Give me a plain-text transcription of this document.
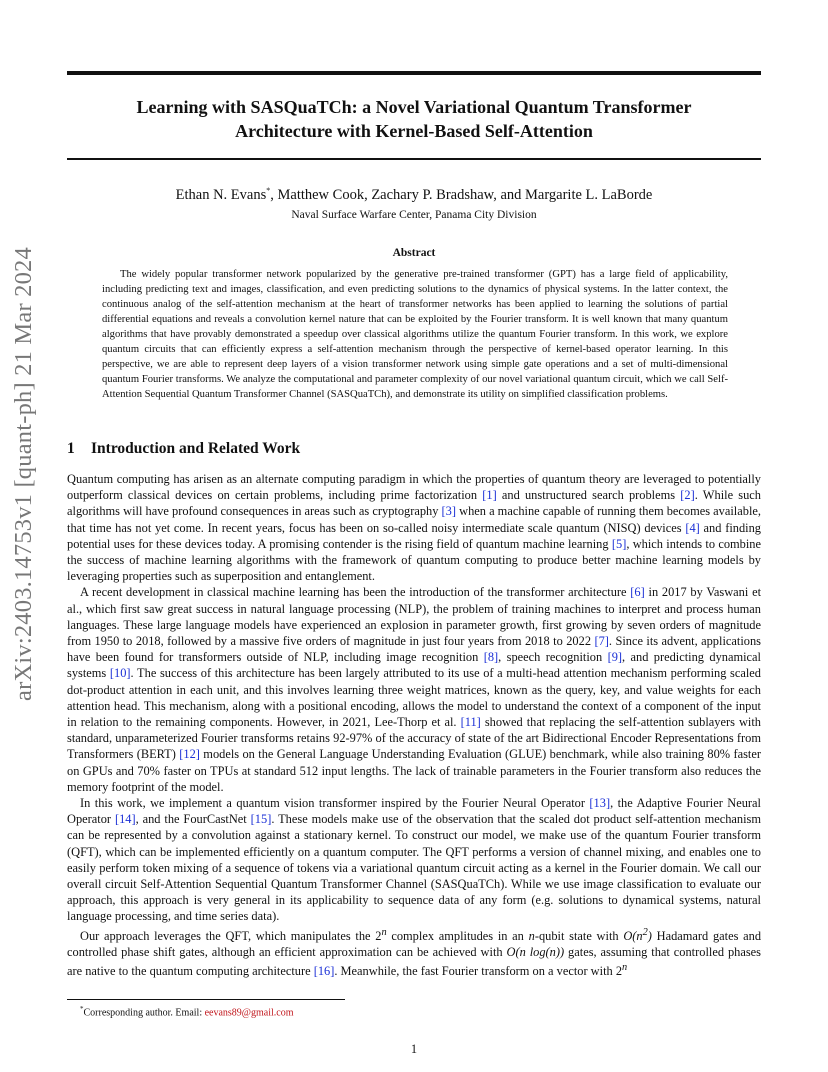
arXiv:2403.14753v1 [quant-ph] 21 Mar 2024
Learning with SASQuaTCh: a Novel Variational Quantum Transformer
Architecture with Kernel-Based Self-Attention
Ethan N. Evans*, Matthew Cook, Zachary P. Bradshaw, and Margarite L. LaBorde
Naval Surface Warfare Center, Panama City Division
Abstract

The widely popular transformer network popularized by the generative pre-trained transformer (GPT) has a large field of applicability, including predicting text and images, classification, and even predicting solutions to the dynamics of physical systems. In the latter context, the continuous analog of the self-attention mechanism at the heart of transformer networks has been applied to learning the solutions of partial differential equations and reveals a convolution kernel nature that can be exploited by the Fourier transform. It is well known that many quantum algorithms that have provably demonstrated a speedup over classical algorithms utilize the quantum Fourier transform. In this work, we explore quantum circuits that can efficiently express a self-attention mechanism through the perspective of kernel-based operator learning. In this perspective, we are able to represent deep layers of a vision transformer network using simple gate operations and a set of multi-dimensional quantum Fourier transforms. We analyze the computational and parameter complexity of our novel variational quantum circuit, which we call Self-Attention Sequential Quantum Transformer Channel (SASQuaTCh), and demonstrate its utility on simplified classification problems.

1 Introduction and Related Work

Quantum computing has arisen as an alternate computing paradigm in which the properties of quantum theory are leveraged to potentially outperform classical devices on certain problems, including prime factorization [1] and unstructured search problems [2]. While such algorithms will have profound consequences in areas such as cryptography [3] when a machine capable of running them becomes available, that time has not yet come. In recent years, focus has been on so-called noisy intermediate scale quantum (NISQ) devices [4] and finding potential uses for these devices today. A promising contender is the rising field of quantum machine learning [5], which intends to combine the success of machine learning algorithms with the framework of quantum computing to produce better machine learning models by leveraging properties such as superposition and entanglement.

A recent development in classical machine learning has been the introduction of the transformer architecture [6] in 2017 by Vaswani et al., which first saw great success in natural language processing (NLP), the problem of training machines to interpret and process human languages. These large language models have experienced an explosion in parameter growth, first growing by seven orders of magnitude from 1950 to 2018, followed by a massive five orders of magnitude in just four years from 2018 to 2022 [7]. Since its advent, applications have been found for transformers outside of NLP, including image recognition [8], speech recognition [9], and predicting dynamical systems [10]. The success of this architecture has been largely attributed to its use of a multi-head attention mechanism performing scaled dot-product attention in each unit, and this involves learning three weight matrices, known as the query, key, and value weights for each attention head. This mechanism, along with a positional encoding, allows the model to understand the context of a component of the input in relation to the remaining components. However, in 2021, Lee-Thorp et al. [11] showed that replacing the self-attention sublayers with standard, unparameterized Fourier transforms retains 92-97% of the accuracy of state of the art Bidirectional Encoder Representations from Transformers (BERT) [12] models on the General Language Understanding Evaluation (GLUE) benchmark, while also training 80% faster on GPUs and 70% faster on TPUs at standard 512 input lengths. The lack of trainable parameters in the Fourier transform also reduces the memory footprint of the model.

In this work, we implement a quantum vision transformer inspired by the Fourier Neural Operator [13], the Adaptive Fourier Neural Operator [14], and the FourCastNet [15]. These models make use of the observation that the scaled dot product self-attention mechanism can be represented by a convolution against a stationary kernel. To construct our model, we make use of the quantum Fourier transform (QFT), which can be implemented efficiently on a quantum computer. The QFT performs a version of channel mixing, and enables one to easily perform token mixing of a sequence of tokens via a variational quantum circuit acting as a kernel in the Fourier domain. We call our overall circuit Self-Attention Sequential Quantum Transformer Channel (SASQuaTCh). While we use image classification to evaluate our approach, this approach is very general in its applicability to sequence data of any form (e.g. solutions to dynamical systems, natural language processing, and time series data).

Our approach leverages the QFT, which manipulates the 2$^n$ complex amplitudes in an n-qubit state with $O(n^2)$ Hadamard gates and controlled phase shift gates, although an efficient approximation can be achieved with O(n log(n)) gates, assuming that controlled phases are native to the quantum computing architecture [16]. Meanwhile, the fast Fourier transform on a vector with 2$^n$

*Corresponding author. Email: eevans89@gmail.com
1
